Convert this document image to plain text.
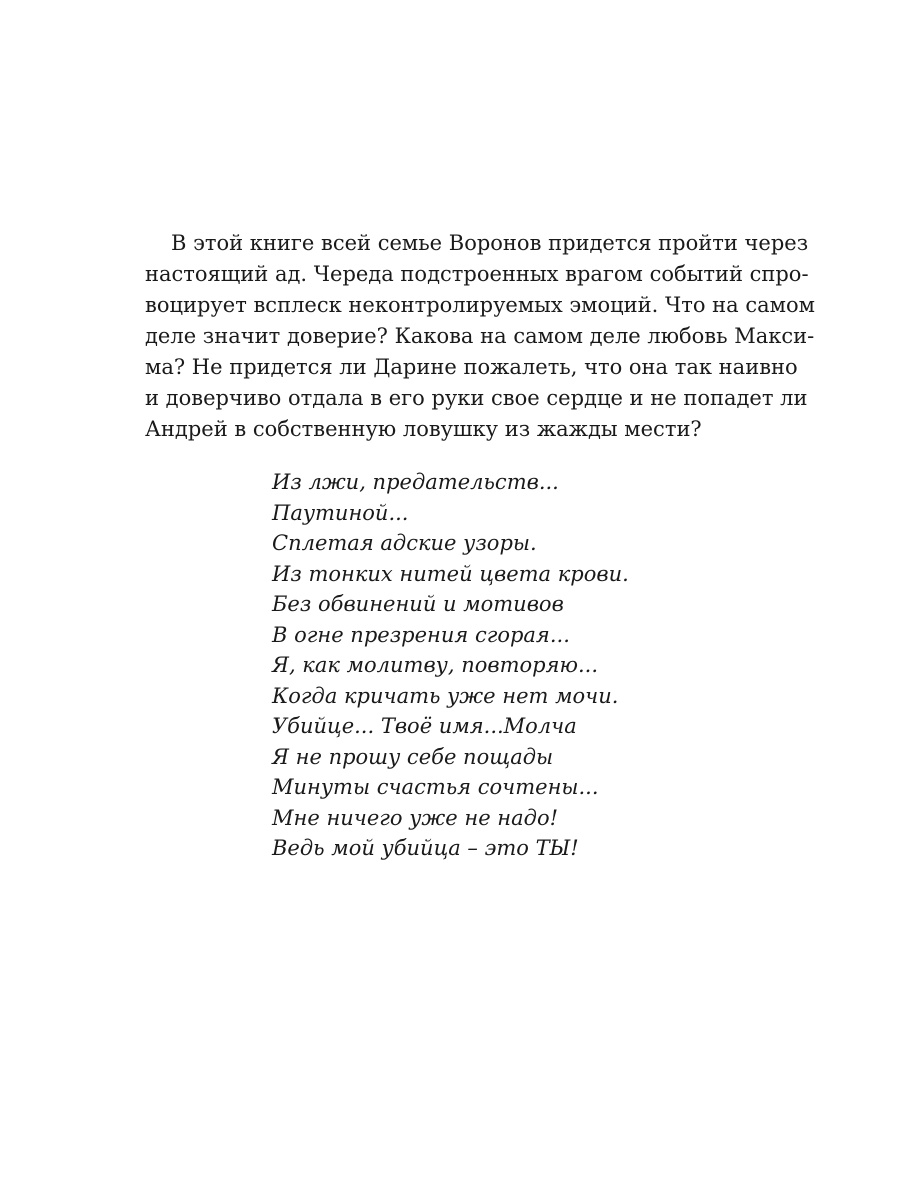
В этой книге всей семье Воронов придется пройти через
настоящий ад. Череда подстроенных врагом событий спро-
воцирует всплеск неконтролируемых эмоций. Что на самом
деле значит доверие? Какова на самом деле любовь Макси-
ма? Не придется ли Дарине пожалеть, что она так наивно
и доверчиво отдала в его руки свое сердце и не попадет ли
Андрей в собственную ловушку из жажды мести?
Из лжи, предательств...
Паутиной...
Сплетая адские узоры.
Из тонких нитей цвета крови.
Без обвинений и мотивов
В огне презрения сгорая...
Я, как молитву, повторяю...
Когда кричать уже нет мочи.
Убийце... Твоё имя...Молча
Я не прошу себе пощады
Минуты счастья сочтены...
Мне ничего уже не надо!
Ведь мой убийца – это ТЫ!
